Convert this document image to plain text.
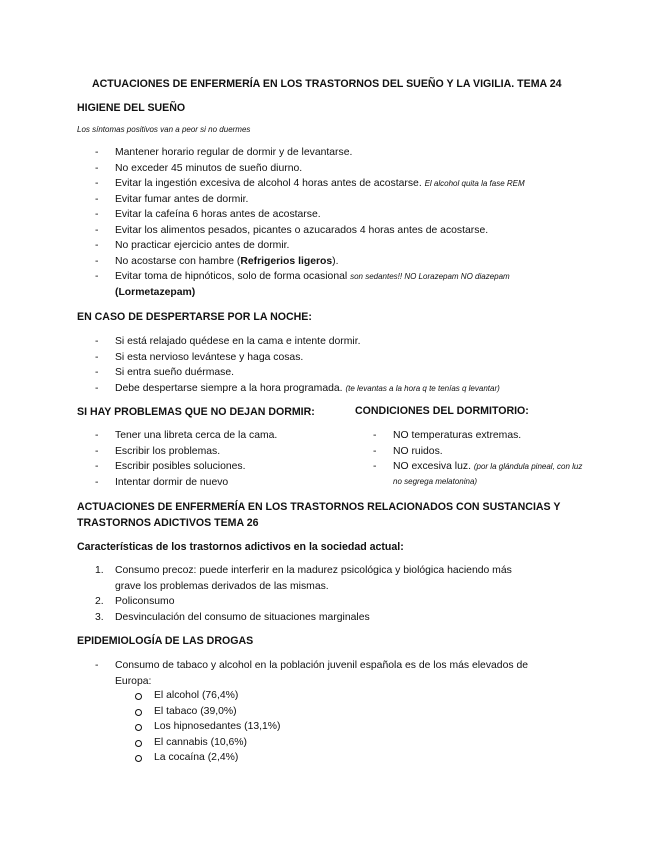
ACTUACIONES DE ENFERMERÍA EN LOS TRASTORNOS DEL SUEÑO Y LA VIGILIA. TEMA 24
HIGIENE DEL SUEÑO
Los síntomas positivos van a peor si no duermes
-	Mantener horario regular de dormir y de levantarse.
-	No exceder 45 minutos de sueño diurno.
-	Evitar la ingestión excesiva de alcohol 4 horas antes de acostarse. El alcohol quita la fase REM
-	Evitar fumar antes de dormir.
-	Evitar la cafeína 6 horas antes de acostarse.
-	Evitar los alimentos pesados, picantes o azucarados 4 horas antes de acostarse.
-	No practicar ejercicio antes de dormir.
-	No acostarse con hambre (Refrigerios ligeros).
-	Evitar toma de hipnóticos, solo de forma ocasional son sedantes!! NO Lorazepam NO diazepam
(Lormetazepam)
EN CASO DE DESPERTARSE POR LA NOCHE:
-	Si está relajado quédese en la cama e intente dormir.
-	Si esta nervioso levántese y haga cosas.
-	Si entra sueño duérmase.
-	Debe despertarse siempre a la hora programada. (te levantas a la hora q te tenías q levantar)
SI HAY PROBLEMAS QUE NO DEJAN DORMIR:
-	Tener una libreta cerca de la cama.
-	Escribir los problemas.
-	Escribir posibles soluciones.
-	Intentar dormir de nuevo
CONDICIONES DEL DORMITORIO:
-	NO temperaturas extremas.
-	NO ruidos.
-	NO excesiva luz. (por la glándula pineal, con luz
no segrega melatonina)
ACTUACIONES DE ENFERMERÍA EN LOS TRASTORNOS RELACIONADOS CON SUSTANCIAS Y
TRASTORNOS ADICTIVOS TEMA 26
Características de los trastornos adictivos en la sociedad actual:
1.	Consumo precoz: puede interferir en la madurez psicológica y biológica haciendo más
grave los problemas derivados de las mismas.
2.	Policonsumo
3.	Desvinculación del consumo de situaciones marginales
EPIDEMIOLOGÍA DE LAS DROGAS
-	Consumo de tabaco y alcohol en la población juvenil española es de los más elevados de
Europa:
El alcohol (76,4%)
El tabaco (39,0%)
Los hipnosedantes (13,1%)
El cannabis (10,6%)
La cocaína (2,4%)
